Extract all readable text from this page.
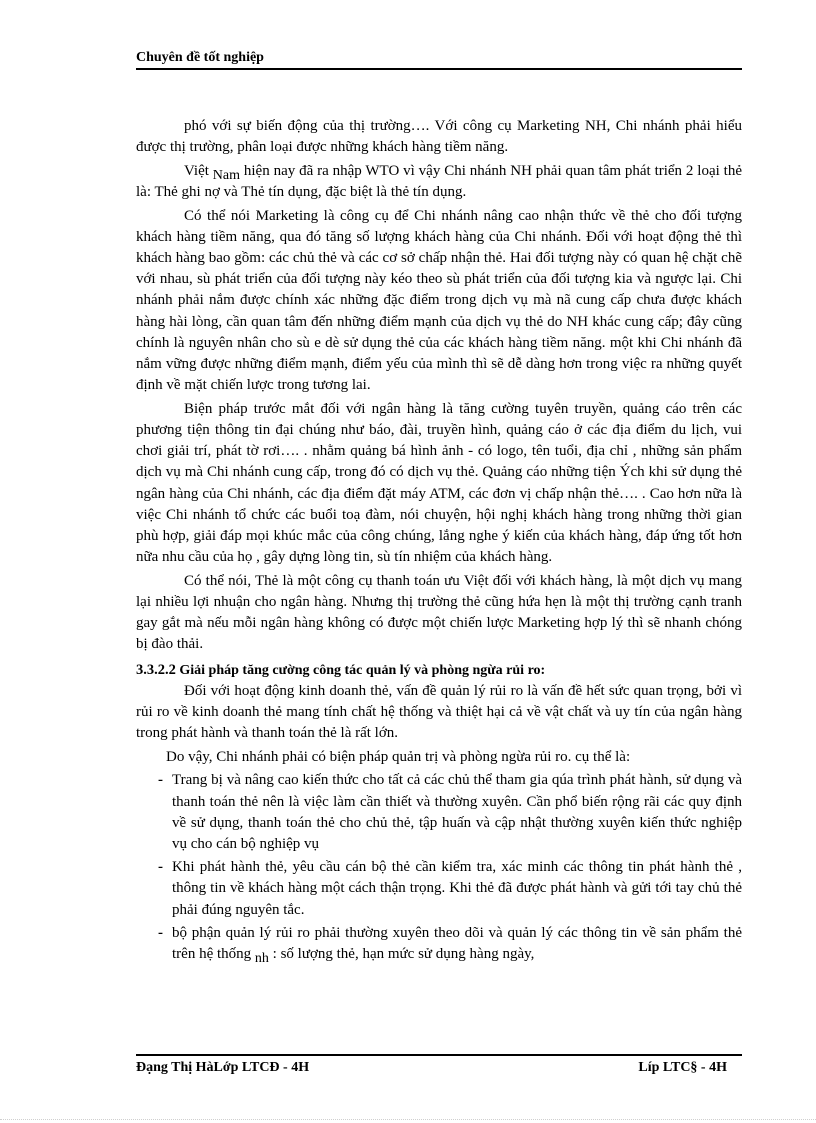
Chuyên đề tốt nghiệp

phó với sự biến động của thị trường…. Với công cụ Marketing NH, Chi nhánh phải hiểu được thị trường, phân loại được những khách hàng tiềm năng.

Việt Nam hiện nay đã ra nhập WTO vì vậy Chi nhánh NH phải quan tâm phát triển 2 loại thẻ là: Thẻ ghi nợ và Thẻ tín dụng, đặc biệt là thẻ tín dụng.

Có thể nói Marketing là công cụ để Chi nhánh nâng cao nhận thức về thẻ cho đối tượng khách hàng tiềm năng, qua đó tăng số lượng khách hàng của Chi nhánh. Đối với hoạt động thẻ thì khách hàng bao gồm: các chủ thẻ và các cơ sở chấp nhận thẻ. Hai đối tượng này có quan hệ chặt chẽ với nhau, sù phát triển của đối tượng này kéo theo sù phát triển của đối tượng kia và ngược lại. Chi nhánh phải nắm được chính xác những đặc điểm trong dịch vụ mà nã cung cấp chưa được khách hàng hài lòng, cần quan tâm đến những điểm mạnh của dịch vụ thẻ do NH khác cung cấp; đây cũng chính là nguyên nhân cho sù e dè sử dụng thẻ của các khách hàng tiềm năng. một khi Chi nhánh đã nắm vững được những điểm mạnh, điểm yếu của mình thì sẽ dễ dàng hơn trong việc ra những quyết định về mặt chiến lược trong tương lai.

Biện pháp trước mắt đối với ngân hàng là tăng cường tuyên truyền, quảng cáo trên các phương tiện thông tin đại chúng như báo, đài, truyền hình, quảng cáo ở các địa điểm du lịch, vui chơi giải trí, phát tờ rơi…. . nhằm quảng bá hình ảnh - có logo, tên tuổi, địa chỉ , những sản phẩm dịch vụ mà Chi nhánh cung cấp, trong đó có dịch vụ thẻ. Quảng cáo những tiện Ých khi sử dụng thẻ ngân hàng của Chi nhánh, các địa điểm đặt máy ATM, các đơn vị chấp nhận thẻ…. . Cao hơn nữa là việc Chi nhánh tổ chức các buổi toạ đàm, nói chuyện, hội nghị khách hàng trong những thời gian phù hợp, giải đáp mọi khúc mắc của công chúng, lắng nghe ý kiến của khách hàng, đáp ứng tốt hơn nữa nhu cầu của họ , gây dựng lòng tin, sù tín nhiệm của khách hàng.

Có thể nói, Thẻ là một công cụ thanh toán ưu Việt đối với khách hàng, là một dịch vụ mang lại nhiều lợi nhuận cho ngân hàng. Nhưng thị trường thẻ cũng hứa hẹn là một thị trường cạnh tranh gay gắt mà nếu mỗi ngân hàng không có được một chiến lược Marketing hợp lý thì sẽ nhanh chóng bị đào thải.

3.3.2.2 Giải pháp tăng cường công tác quản lý và phòng ngừa rủi ro:

Đối với hoạt động kinh doanh thẻ, vấn đề quản lý rủi ro là vấn đề hết sức quan trọng, bởi vì rủi ro về kinh doanh thẻ mang tính chất hệ thống và thiệt hại cả về vật chất và uy tín của ngân hàng trong phát hành và thanh toán thẻ là rất lớn.

Do vậy, Chi nhánh phải có biện pháp quản trị và phòng ngừa rủi ro. cụ thể là:

- Trang bị và nâng cao kiến thức cho tất cả các chủ thể tham gia qúa trình phát hành, sử dụng và thanh toán thẻ nên là việc làm cần thiết và thường xuyên. Cần phổ biến rộng rãi các quy định về sử dụng, thanh toán thẻ cho chủ thẻ, tập huấn và cập nhật thường xuyên kiến thức nghiệp vụ cho cán bộ nghiệp vụ
- Khi phát hành thẻ, yêu cầu cán bộ thẻ cần kiểm tra, xác minh các thông tin phát hành thẻ , thông tin về khách hàng một cách thận trọng. Khi thẻ đã được phát hành và gửi tới tay chủ thẻ phải đúng nguyên tắc.
- bộ phận quản lý rủi ro phải thường xuyên theo dõi và quản lý các thông tin về sản phẩm thẻ trên hệ thống nh : số lượng thẻ, hạn mức sử dụng hàng ngày,
Đạng Thị HàLớp LTCĐ - 4H	Líp LTC§ - 4H
